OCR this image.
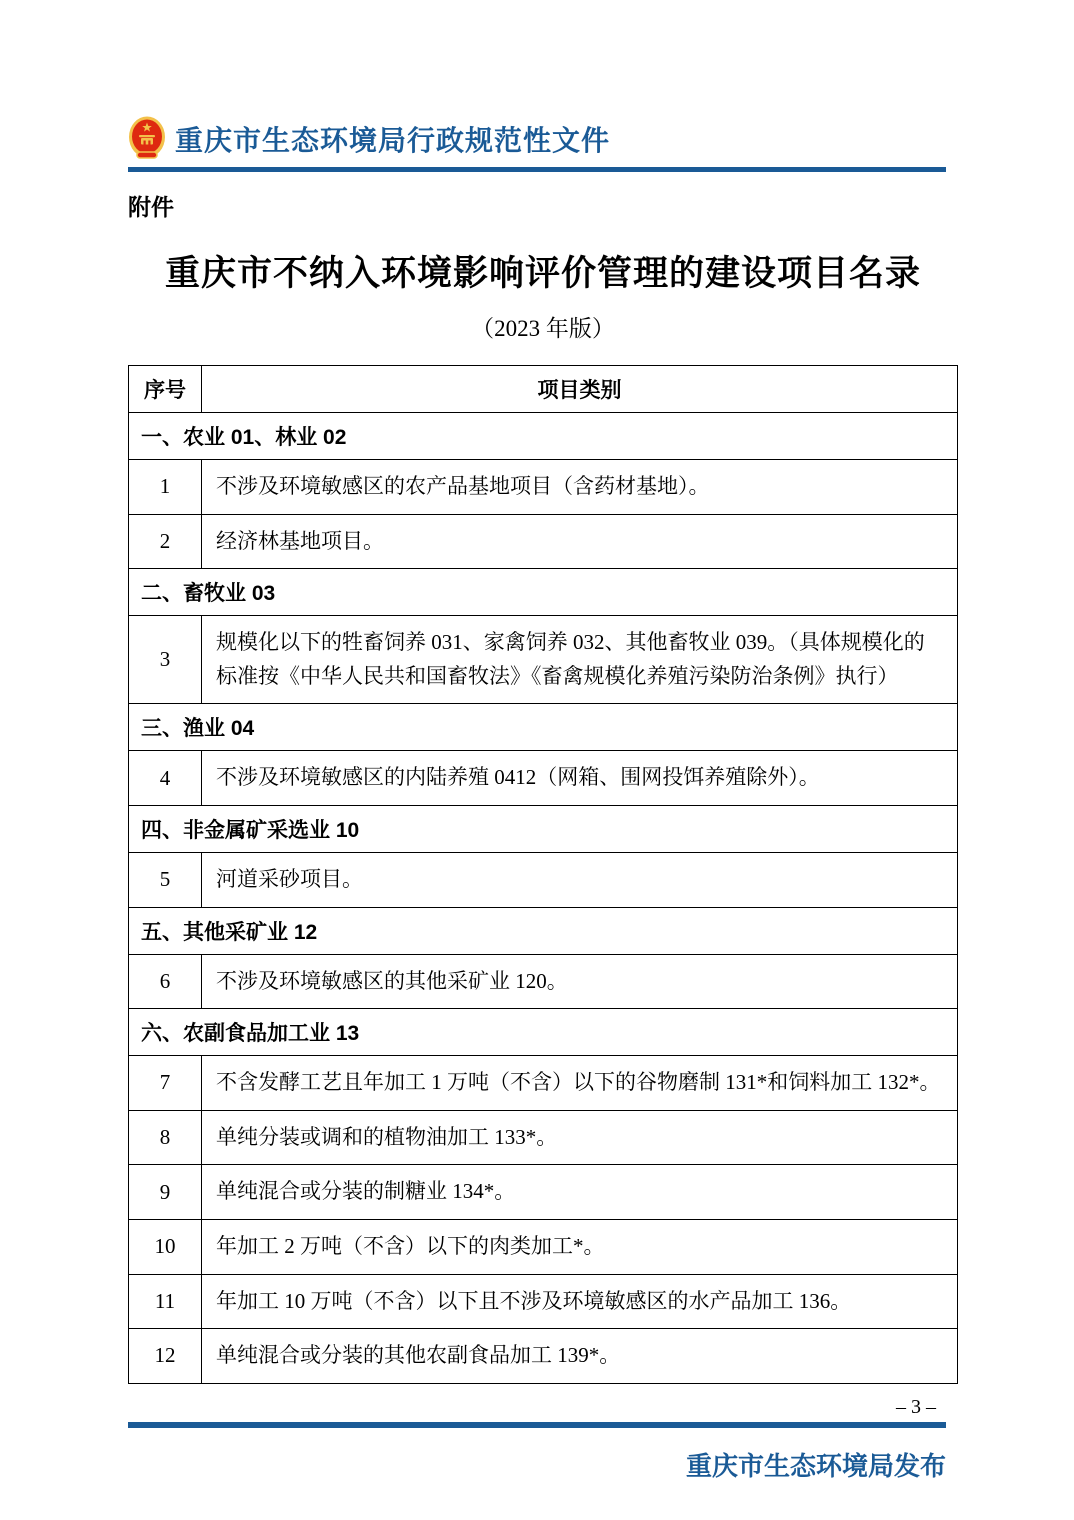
重庆市生态环境局行政规范性文件
附件
重庆市不纳入环境影响评价管理的建设项目名录
（2023 年版）
序号	项目类别
一、农业 01、林业 02	
1	不涉及环境敏感区的农产品基地项目（含药材基地）。
2	经济林基地项目。
二、畜牧业 03	
3	规模化以下的牲畜饲养 031、家禽饲养 032、其他畜牧业 039。（具体规模化的标准按《中华人民共和国畜牧法》《畜禽规模化养殖污染防治条例》执行）
三、渔业 04	
4	不涉及环境敏感区的内陆养殖 0412（网箱、围网投饵养殖除外）。
四、非金属矿采选业 10	
5	河道采砂项目。
五、其他采矿业 12	
6	不涉及环境敏感区的其他采矿业 120。
六、农副食品加工业 13	
7	不含发酵工艺且年加工 1 万吨（不含）以下的谷物磨制 131*和饲料加工 132*。
8	单纯分装或调和的植物油加工 133*。
9	单纯混合或分装的制糖业 134*。
10	年加工 2 万吨（不含）以下的肉类加工*。
11	年加工 10 万吨（不含）以下且不涉及环境敏感区的水产品加工 136。
12	单纯混合或分装的其他农副食品加工 139*。
– 3 –
重庆市生态环境局发布
